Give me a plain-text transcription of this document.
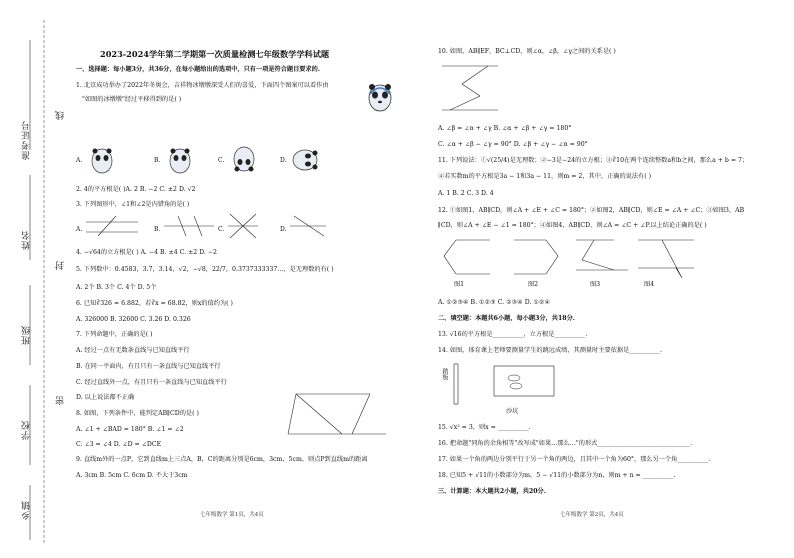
准考证号
姓名
班级
学校
乡镇
线
封
密
2023-2024学年第二学期第一次质量检测七年级数学学科试题
一、选择题：每小题3分，共36分，在每小题给出的选项中，只有一项是符合题目要求的.
1. 北京成功举办了2022年冬奥会，吉祥物冰墩墩深受人们的喜爱，下面四个图案可以看作由
"如图的冰墩墩"经过平移得到的是( )
A.	B.	C.	D.
2. 4的平方根是( )A. 2 B. −2 C. ±2 D. √2
3. 下列图形中，∠1和∠2是内错角的是( )
A.	B.	C.	D.
4. −√64的立方根是( ) A. −4 B. ±4 C. ±2 D. −2
5. 下列数中：0.4583，3.7，3.14，√2，−√8，22/7，0.3737333337…，是无理数的有( )
A. 2个 B. 3个 C. 4个 D. 5个
6. 已知∛326 ≈ 6.882，若∛x ≈ 68.82，则x的值约为( )
A. 326000 B. 32600 C. 3.26 D. 0.326
7. 下列命题中，正确的是( )
A. 经过一点有无数条直线与已知直线平行
B. 在同一平面内，有且只有一条直线与已知直线平行
C. 经过直线外一点，有且只有一条直线与已知直线平行
D. 以上说法都不正确
8. 如图，下列条件中，能判定AB∥CD的是( )
A. ∠1 + ∠BAD = 180° B. ∠1 = ∠2
C. ∠3 = ∠4 D. ∠D = ∠DCE
9. 直线m外的一点P，它到直线m上三点A，B，C的距离分别是6cm，3cm，5cm，则点P到直线m的距离
A. 3cm B. 5cm C. 6cm D. 不大于3cm
七年级数学 第1页，共4页
10. 如图，AB∥EF，BC⊥CD，则∠α，∠β，∠γ之间的关系是( )
A. ∠β = ∠α + ∠γ B. ∠α + ∠β + ∠γ = 180°
C. ∠α + ∠β − ∠γ = 90° D. ∠β + ∠γ − ∠α = 90°
11. 下列说法：①√(25/4)是无理数；②−3是−24的立方根；③∛10在两个连续整数a和b之间，那么a + b = 7；
④若实数m的平方根是3a − 1和3a − 11，则m = 2，其中，正确的说法有( )
A. 1 B. 2 C. 3 D. 4
12. ①如图1，AB∥CD，则∠A + ∠E + ∠C = 180°；②如图2，AB∥CD，则∠E = ∠A + ∠C；③如图3，AB
∥CD，则∠A + ∠E − ∠1 = 180°；④如图4，AB∥CD，则∠A = ∠C + ∠P.以上结论正确的是( )
图1	图2	图3	图4
A. ①②③④ B. ①②③ C. ②③④ D. ①②④
二、填空题：本题共6小题，每小题3分，共18分.
13. √16的平方根是__________，立方根是__________.
14. 如图，体育课上老师要测量学生的跳远成绩，其测量时主要依据是__________.
踏板
沙坑
15. √x² = 3，则x = __________.
16. 把命题"同角的余角相等"改写成"如果…那么…"的形式______________________________.
17. 如果一个角的两边分别平行于另一个角的两边，且其中一个角为60°，那么另一个角__________.
18. 已知5 + √11的小数部分为m，5 − √11的小数部分为n，则m + n = __________.
三、计算题：本大题共2小题，共20分.
七年级数学 第2页，共4页
